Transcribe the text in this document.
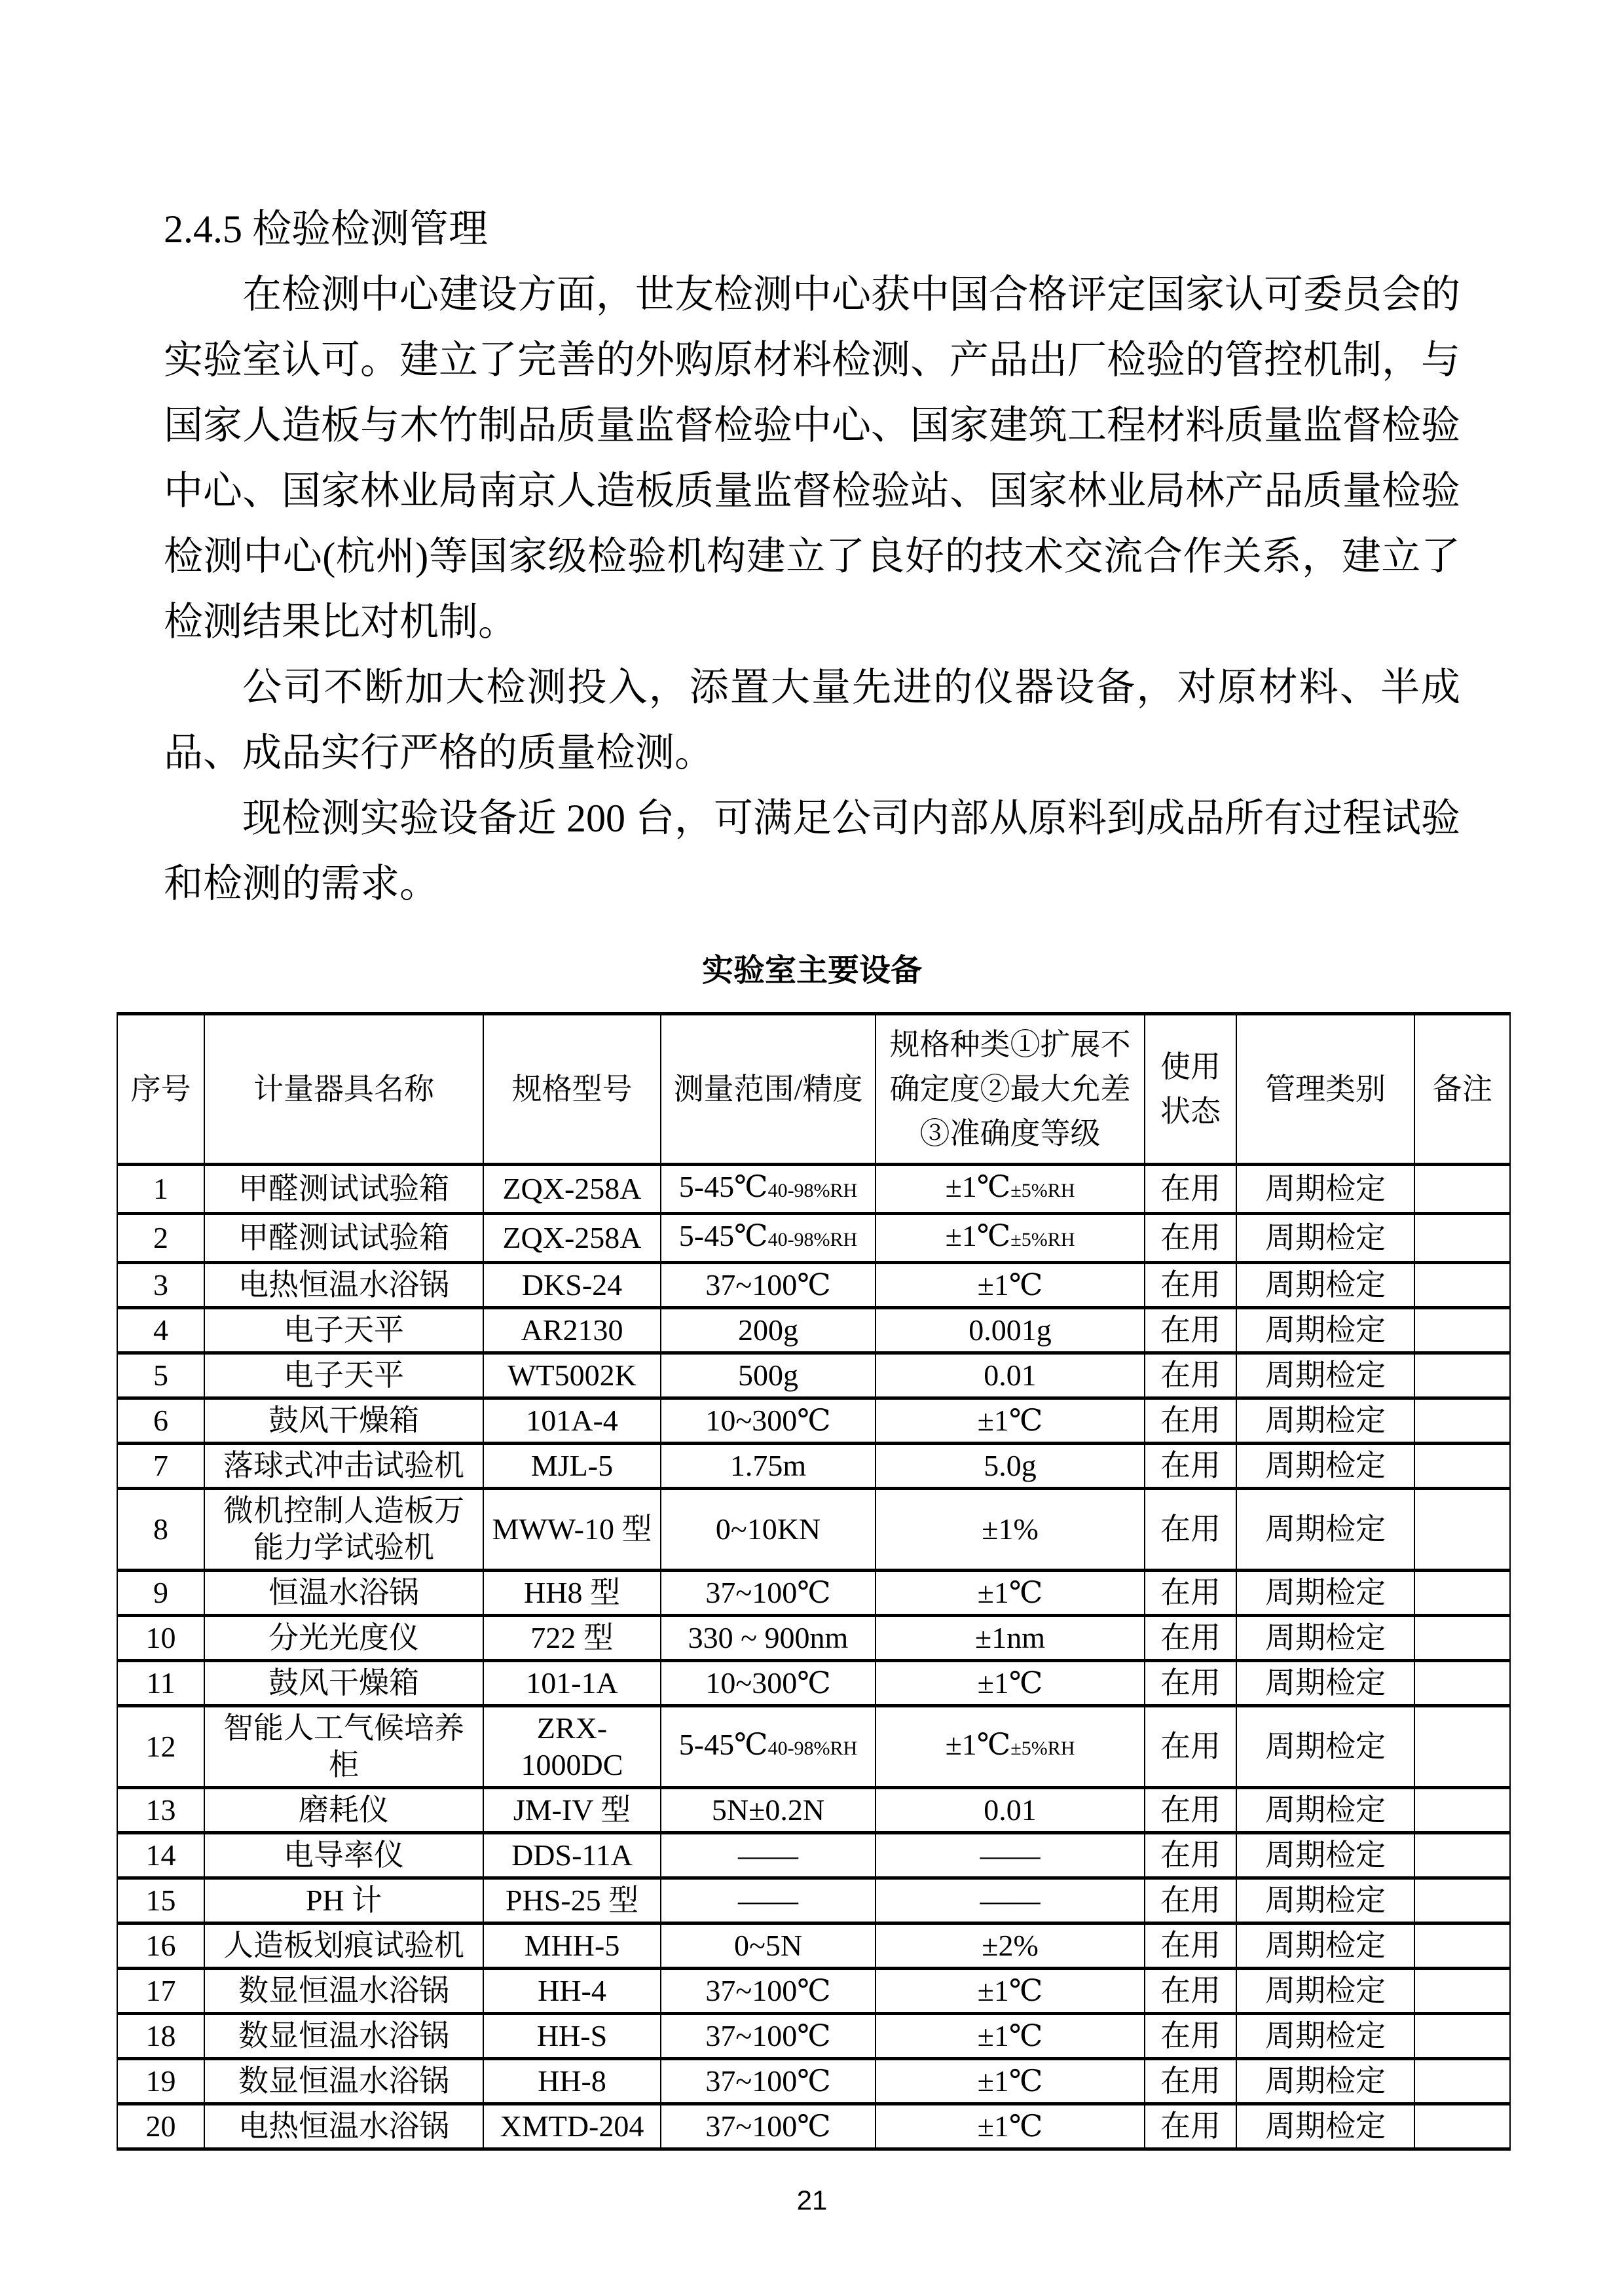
2.4.5 检验检测管理

在检测中心建设方面，世友检测中心获中国合格评定国家认可委员会的实验室认可。建立了完善的外购原材料检测、产品出厂检验的管控机制，与国家人造板与木竹制品质量监督检验中心、国家建筑工程材料质量监督检验中心、国家林业局南京人造板质量监督检验站、国家林业局林产品质量检验检测中心(杭州)等国家级检验机构建立了良好的技术交流合作关系，建立了检测结果比对机制。

公司不断加大检测投入，添置大量先进的仪器设备，对原材料、半成品、成品实行严格的质量检测。

现检测实验设备近 200 台，可满足公司内部从原料到成品所有过程试验 和检测的需求。

实验室主要设备
序号	计量器具名称	规格型号	测量范围/精度	规格种类①扩展不确定度②最大允差③准确度等级	使用状态	管理类别	备注
1	甲醛测试试验箱	ZQX-258A	5-45℃40-98%RH	±1℃±5%RH	在用	周期检定	
2	甲醛测试试验箱	ZQX-258A	5-45℃40-98%RH	±1℃±5%RH	在用	周期检定	
3	电热恒温水浴锅	DKS-24	37~100℃	±1℃	在用	周期检定	
4	电子天平	AR2130	200g	0.001g	在用	周期检定	
5	电子天平	WT5002K	500g	0.01	在用	周期检定	
6	鼓风干燥箱	101A-4	10~300℃	±1℃	在用	周期检定	
7	落球式冲击试验机	MJL-5	1.75m	5.0g	在用	周期检定	
8	微机控制人造板万能力学试验机	MWW-10 型	0~10KN	±1%	在用	周期检定	
9	恒温水浴锅	HH8 型	37~100℃	±1℃	在用	周期检定	
10	分光光度仪	722 型	330 ~ 900nm	±1nm	在用	周期检定	
11	鼓风干燥箱	101-1A	10~300℃	±1℃	在用	周期检定	
12	智能人工气候培养柜	ZRX-1000DC	5-45℃40-98%RH	±1℃±5%RH	在用	周期检定	
13	磨耗仪	JM-IV 型	5N±0.2N	0.01	在用	周期检定	
14	电导率仪	DDS-11A	——	——	在用	周期检定	
15	PH 计	PHS-25 型	——	——	在用	周期检定	
16	人造板划痕试验机	MHH-5	0~5N	±2%	在用	周期检定	
17	数显恒温水浴锅	HH-4	37~100℃	±1℃	在用	周期检定	
18	数显恒温水浴锅	HH-S	37~100℃	±1℃	在用	周期检定	
19	数显恒温水浴锅	HH-8	37~100℃	±1℃	在用	周期检定	
20	电热恒温水浴锅	XMTD-204	37~100℃	±1℃	在用	周期检定	
21
